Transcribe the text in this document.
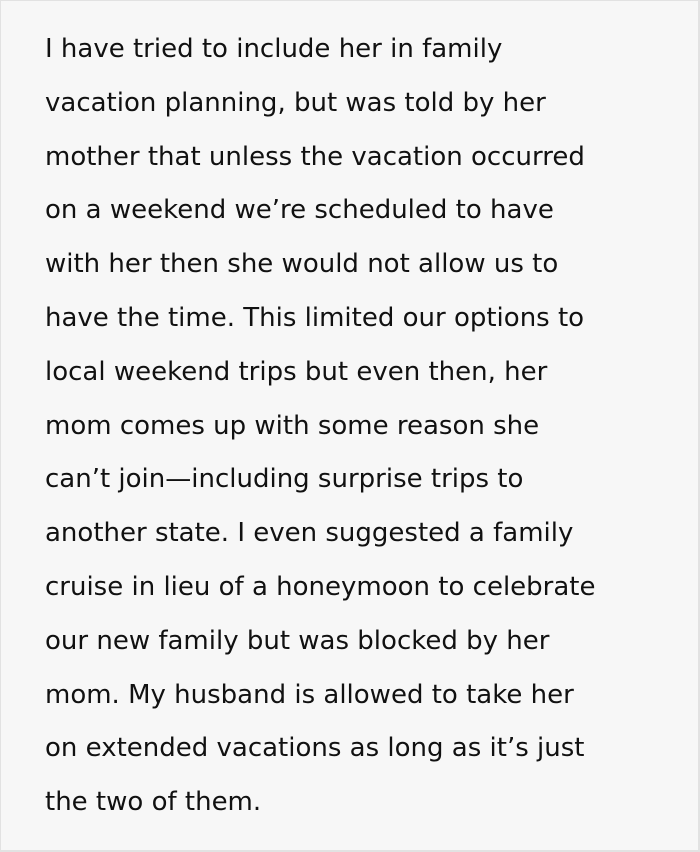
I have tried to include her in family
vacation planning, but was told by her
mother that unless the vacation occurred
on a weekend we’re scheduled to have
with her then she would not allow us to
have the time. This limited our options to
local weekend trips but even then, her
mom comes up with some reason she
can’t join—including surprise trips to
another state. I even suggested a family
cruise in lieu of a honeymoon to celebrate
our new family but was blocked by her
mom. My husband is allowed to take her
on extended vacations as long as it’s just
the two of them.
